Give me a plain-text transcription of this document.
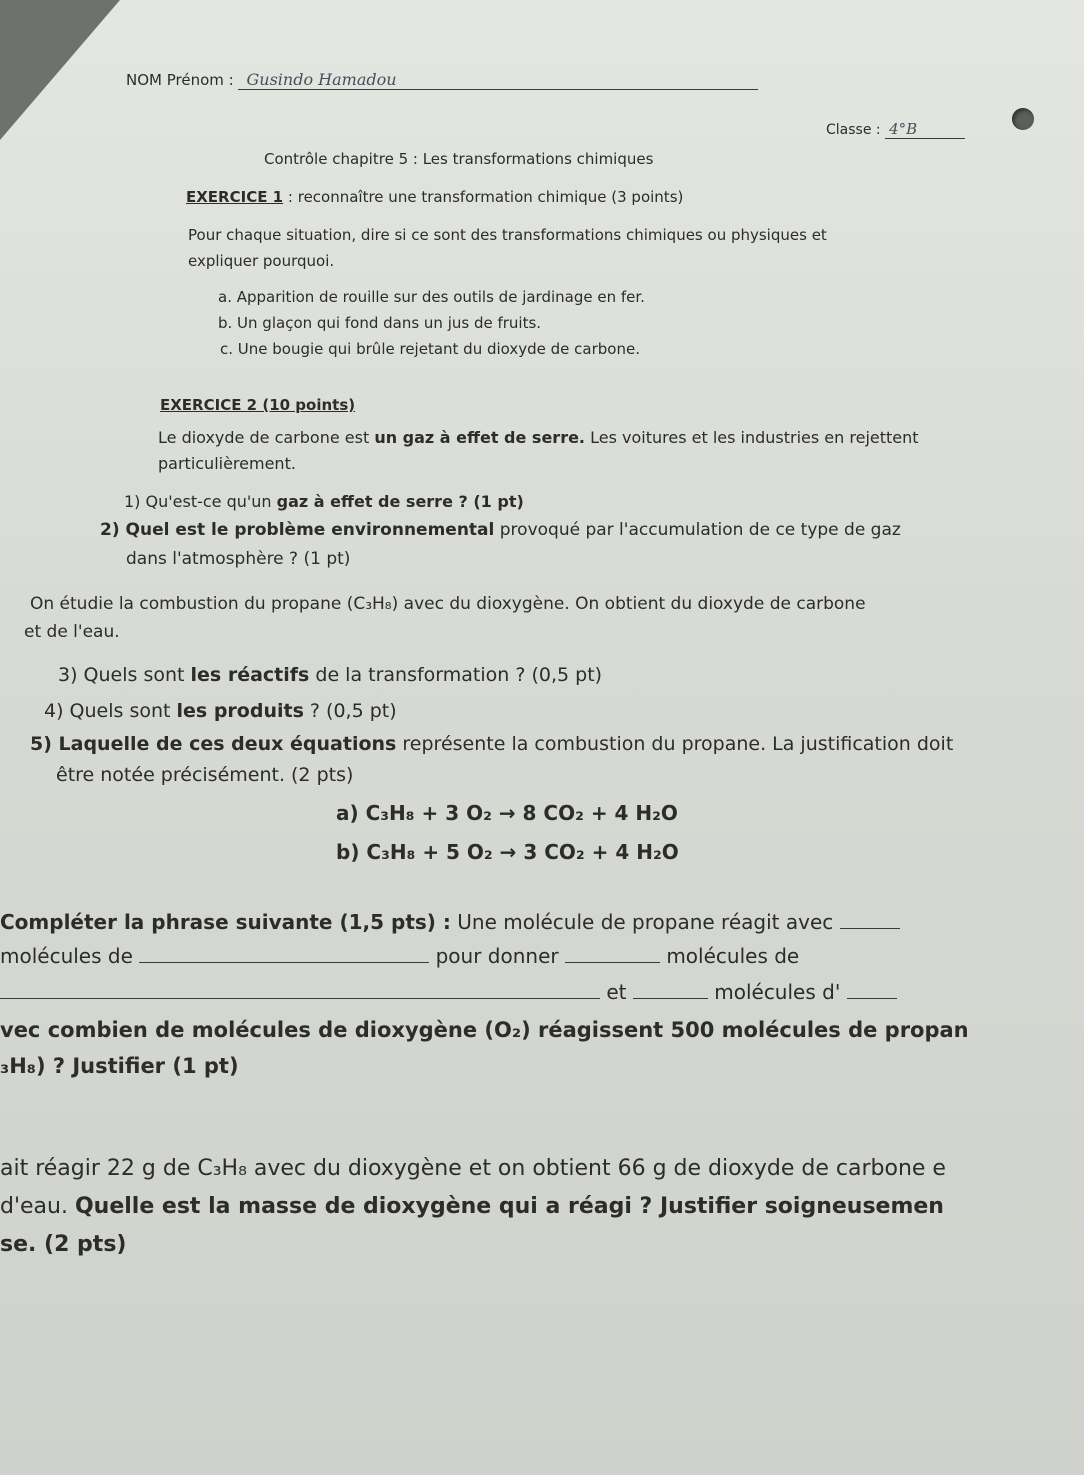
NOM Prénom : Gusindo Hamadou
Classe : 4°B
Contrôle chapitre 5 : Les transformations chimiques
EXERCICE 1 : reconnaître une transformation chimique (3 points)
Pour chaque situation, dire si ce sont des transformations chimiques ou physiques et
expliquer pourquoi.
a. Apparition de rouille sur des outils de jardinage en fer.
b. Un glaçon qui fond dans un jus de fruits.
c. Une bougie qui brûle rejetant du dioxyde de carbone.
EXERCICE 2 (10 points)
Le dioxyde de carbone est un gaz à effet de serre. Les voitures et les industries en rejettent
particulièrement.
1) Qu'est-ce qu'un gaz à effet de serre ? (1 pt)
2) Quel est le problème environnemental provoqué par l'accumulation de ce type de gaz
dans l'atmosphère ? (1 pt)
On étudie la combustion du propane (C₃H₈) avec du dioxygène. On obtient du dioxyde de carbone
et de l'eau.
3) Quels sont les réactifs de la transformation ? (0,5 pt)
4) Quels sont les produits ? (0,5 pt)
5) Laquelle de ces deux équations représente la combustion du propane. La justification doit
être notée précisément. (2 pts)
a) C₃H₈ + 3 O₂ → 8 CO₂ + 4 H₂O
b) C₃H₈ + 5 O₂ → 3 CO₂ + 4 H₂O
Compléter la phrase suivante (1,5 pts) : Une molécule de propane réagit avec
molécules de	pour donner	molécules de
et	molécules d'
vec combien de molécules de dioxygène (O₂) réagissent 500 molécules de propan
₃H₈) ? Justifier (1 pt)
ait réagir 22 g de C₃H₈ avec du dioxygène et on obtient 66 g de dioxyde de carbone e
d'eau. Quelle est la masse de dioxygène qui a réagi ? Justifier soigneusemen
se. (2 pts)
